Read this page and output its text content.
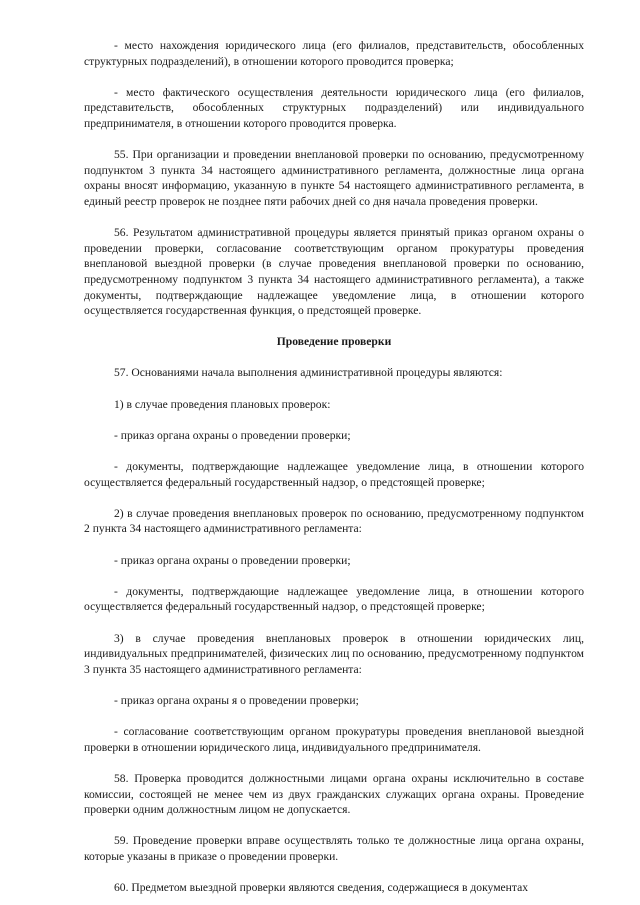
- место нахождения юридического лица (его филиалов, представительств, обособленных структурных подразделений), в отношении которого проводится проверка;

- место фактического осуществления деятельности юридического лица (его филиалов, представительств, обособленных структурных подразделений) или индивидуального предпринимателя, в отношении которого проводится проверка.

55. При организации и проведении внеплановой проверки по основанию, предусмотренному подпунктом 3 пункта 34 настоящего административного регламента, должностные лица органа охраны вносят информацию, указанную в пункте 54 настоящего административного регламента, в единый реестр проверок не позднее пяти рабочих дней со дня начала проведения проверки.

56. Результатом административной процедуры является принятый приказ органом охраны о проведении проверки, согласование соответствующим органом прокуратуры проведения внеплановой выездной проверки (в случае проведения внеплановой проверки по основанию, предусмотренному подпунктом 3 пункта 34 настоящего административного регламента), а также документы, подтверждающие надлежащее уведомление лица, в отношении которого осуществляется государственная функция, о предстоящей проверке.

Проведение проверки

57. Основаниями начала выполнения административной процедуры являются:

1) в случае проведения плановых проверок:

- приказ органа охраны о проведении проверки;

- документы, подтверждающие надлежащее уведомление лица, в отношении которого осуществляется федеральный государственный надзор, о предстоящей проверке;

2) в случае проведения внеплановых проверок по основанию, предусмотренному подпунктом 2 пункта 34 настоящего административного регламента:

- приказ органа охраны о проведении проверки;

- документы, подтверждающие надлежащее уведомление лица, в отношении которого осуществляется федеральный государственный надзор, о предстоящей проверке;

3) в случае проведения внеплановых проверок в отношении юридических лиц, индивидуальных предпринимателей, физических лиц по основанию, предусмотренному подпунктом 3 пункта 35 настоящего административного регламента:

- приказ органа охраны я о проведении проверки;

- согласование соответствующим органом прокуратуры проведения внеплановой выездной проверки в отношении юридического лица, индивидуального предпринимателя.

58. Проверка проводится должностными лицами органа охраны исключительно в составе комиссии, состоящей не менее чем из двух гражданских служащих органа охраны. Проведение проверки одним должностным лицом не допускается.

59. Проведение проверки вправе осуществлять только те должностные лица органа охраны, которые указаны в приказе о проведении проверки.

60. Предметом выездной проверки являются сведения, содержащиеся в документах
